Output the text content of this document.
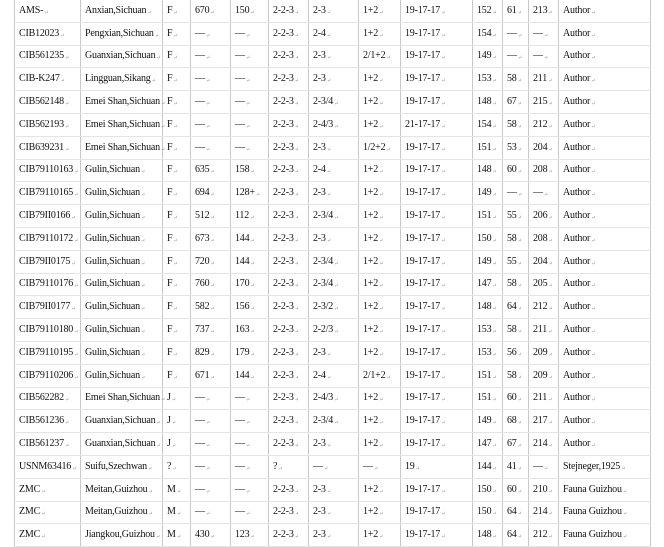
AMS-↵	Anxian,Sichuan↵	F↵	670↵	150↵	2-2-3↵	2-3↵	1+2↵	19-17-17↵	152↵	61↵	213↵	Author↵
CIB12023↵	Pengxian,Sichuan↵	F↵	—↵	—↵	2-2-3↵	2-4↵	1+2↵	19-17-17↵	154↵	—↵	—↵	Author↵
CIB561235↵	Guanxian,Sichuan↵	F↵	—↵	—↵	2-2-3↵	2-3↵	2/1+2↵	19-17-17↵	149↵	—↵	—↵	Author↵
CIB-K247↵	Lingguan,Sikang↵	F↵	—↵	—↵	2-2-3↵	2-3↵	1+2↵	19-17-17↵	153↵	58↵	211↵	Author↵
CIB562148↵	Emei Shan,Sichuan↵	F↵	—↵	—↵	2-2-3↵	2-3/4↵	1+2↵	19-17-17↵	148↵	67↵	215↵	Author↵
CIB562193↵	Emei Shan,Sichuan↵	F↵	—↵	—↵	2-2-3↵	2-4/3↵	1+2↵	21-17-17↵	154↵	58↵	212↵	Author↵
CIB639231↵	Emei Shan,Sichuan↵	F↵	—↵	—↵	2-2-3↵	2-3↵	1/2+2↵	19-17-17↵	151↵	53↵	204↵	Author↵
CIB79110163↵	Gulin,Sichuan↵	F↵	635↵	158↵	2-2-3↵	2-4↵	1+2↵	19-17-17↵	148↵	60↵	208↵	Author↵
CIB79110165↵	Gulin,Sichuan↵	F↵	694↵	128+↵	2-2-3↵	2-3↵	1+2↵	19-17-17↵	149↵	—↵	—↵	Author↵
CIB79II0166↵	Gulin,Sichuan↵	F↵	512↵	112↵	2-2-3↵	2-3/4↵	1+2↵	19-17-17↵	151↵	55↵	206↵	Author↵
CIB79110172↵	Gulin,Sichuan↵	F↵	673↵	144↵	2-2-3↵	2-3↵	1+2↵	19-17-17↵	150↵	58↵	208↵	Author↵
CIB79II0175↵	Gulin,Sichuan↵	F↵	720↵	144↵	2-2-3↵	2-3/4↵	1+2↵	19-17-17↵	149↵	55↵	204↵	Author↵
CIB79110176↵	Gulin,Sichuan↵	F↵	760↵	170↵	2-2-3↵	2-3/4↵	1+2↵	19-17-17↵	147↵	58↵	205↵	Author↵
CIB79II0177↵	Gulin,Sichuan↵	F↵	582↵	156↵	2-2-3↵	2-3/2↵	1+2↵	19-17-17↵	148↵	64↵	212↵	Author↵
CIB79110180↵	Gulin,Sichuan↵	F↵	737↵	163↵	2-2-3↵	2-2/3↵	1+2↵	19-17-17↵	153↵	58↵	211↵	Author↵
CIB79110195↵	Gulin,Sichuan↵	F↵	829↵	179↵	2-2-3↵	2-3↵	1+2↵	19-17-17↵	153↵	56↵	209↵	Author↵
CIB79110206↵	Gulin,Sichuan↵	F↵	671↵	144↵	2-2-3↵	2-4↵	2/1+2↵	19-17-17↵	151↵	58↵	209↵	Author↵
CIB562282↵	Emei Shan,Sichuan↵	J↵	—↵	—↵	2-2-3↵	2-4/3↵	1+2↵	19-17-17↵	151↵	60↵	211↵	Author↵
CIB561236↵	Guanxian,Sichuan↵	J↵	—↵	—↵	2-2-3↵	2-3/4↵	1+2↵	19-17-17↵	149↵	68↵	217↵	Author↵
CIB561237↵	Guanxian,Sichuan↵	J↵	—↵	—↵	2-2-3↵	2-3↵	1+2↵	19-17-17↵	147↵	67↵	214↵	Author↵
USNM63416↵	Suifu,Szechwan↵	?↵	—↵	—↵	?↵	—↵	—↵	19↵	144↵	41↵	—↵	Stejneger,1925↵
ZMC↵	Meitan,Guizhou↵	M↵	—↵	—↵	2-2-3↵	2-3↵	1+2↵	19-17-17↵	150↵	60↵	210↵	Fauna Guizhou↵
ZMC↵	Meitan,Guizhou↵	M↵	—↵	—↵	2-2-3↵	2-3↵	1+2↵	19-17-17↵	150↵	64↵	214↵	Fauna Guizhou↵
ZMC↵	Jiangkou,Guizhou↵	M↵	430↵	123↵	2-2-3↵	2-3↵	1+2↵	19-17-17↵	148↵	64↵	212↵	Fauna Guizhou↵
